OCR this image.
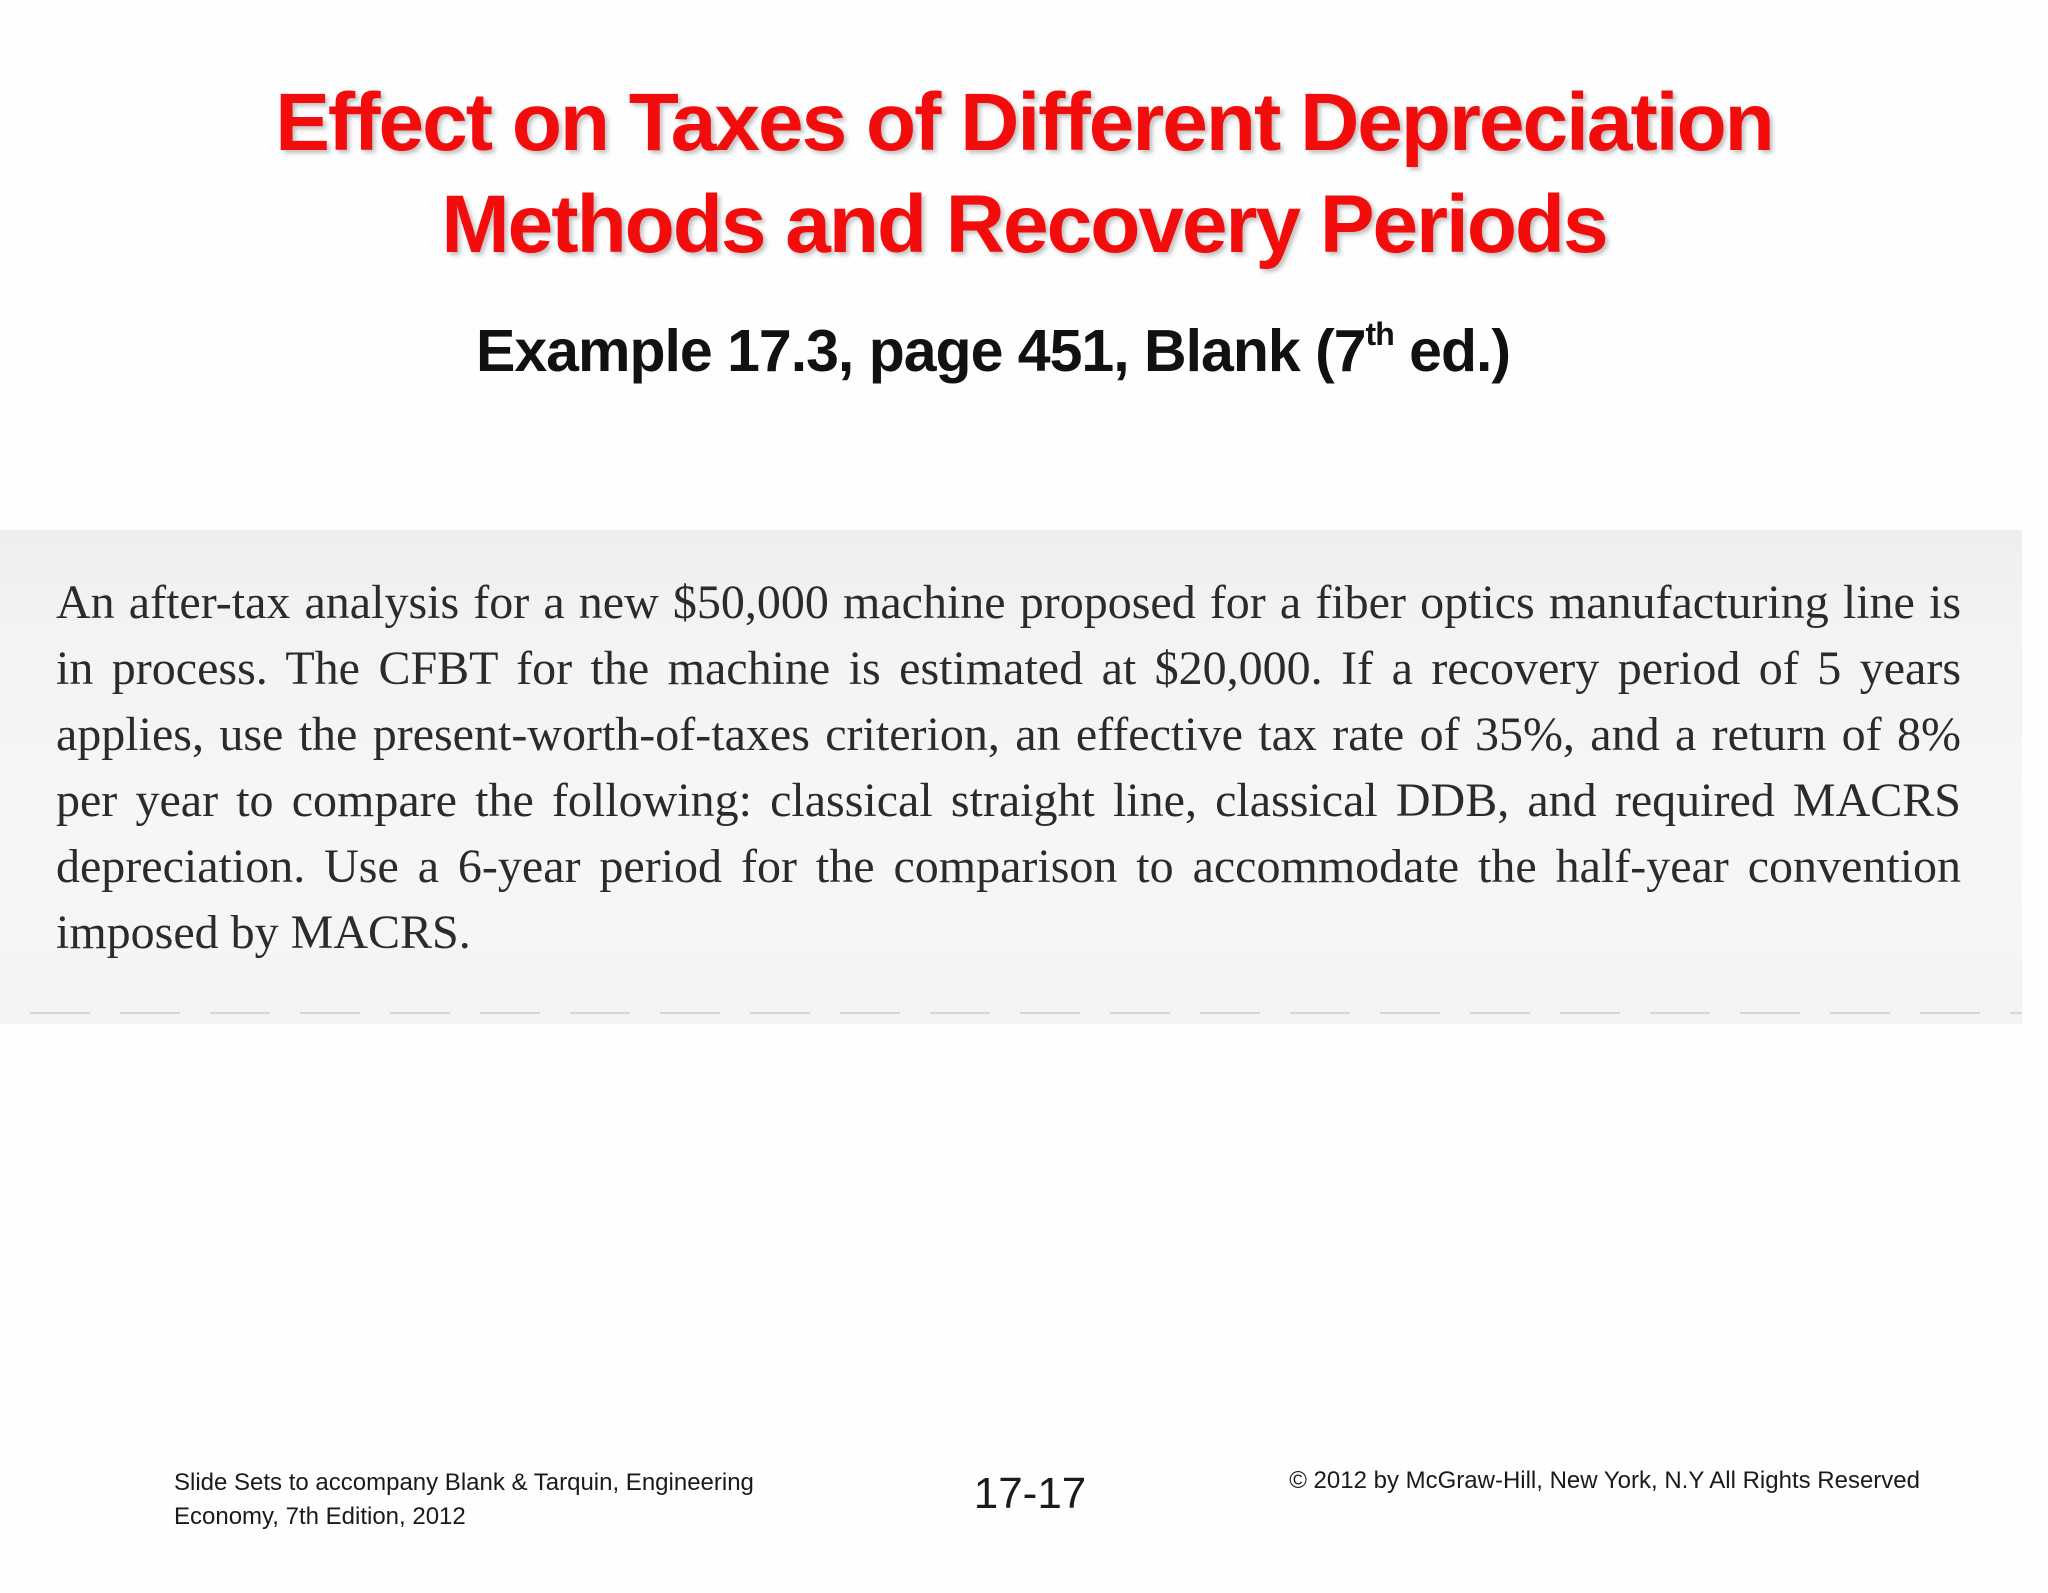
Effect on Taxes of Different Depreciation
Methods and Recovery Periods
Example 17.3, page 451, Blank (7th ed.)

An after-tax analysis for a new $50,000 machine proposed for a fiber optics manufacturing line is in process. The CFBT for the machine is estimated at $20,000. If a recovery period of 5 years applies, use the present-worth-of-taxes criterion, an effective tax rate of 35%, and a return of 8% per year to compare the following: classical straight line, classical DDB, and required MACRS depreciation. Use a 6-year period for the comparison to accommodate the half-year convention imposed by MACRS.

Slide Sets to accompany Blank & Tarquin, Engineering
Economy, 7th Edition, 2012	17-17	© 2012 by McGraw-Hill, New York, N.Y All Rights Reserved
